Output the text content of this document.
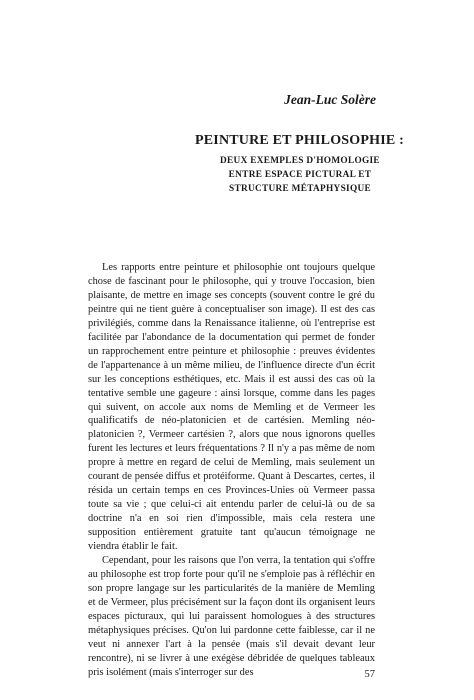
Jean-Luc Solère

PEINTURE ET PHILOSOPHIE :

DEUX EXEMPLES D'HOMOLOGIE
ENTRE ESPACE PICTURAL ET
STRUCTURE MÉTAPHYSIQUE

Les rapports entre peinture et philosophie ont toujours quelque chose de fascinant pour le philosophe, qui y trouve l'occasion, bien plaisante, de mettre en image ses concepts (souvent contre le gré du peintre qui ne tient guère à conceptualiser son image). Il est des cas privilégiés, comme dans la Renaissance italienne, où l'entreprise est facilitée par l'abondance de la documentation qui permet de fonder un rapprochement entre peinture et philosophie : preuves évidentes de l'appartenance à un même milieu, de l'influence directe d'un écrit sur les conceptions esthétiques, etc. Mais il est aussi des cas où la tentative semble une gageure : ainsi lorsque, comme dans les pages qui suivent, on accole aux noms de Memling et de Vermeer les qualificatifs de néo-platonicien et de cartésien. Memling néo-platonicien ?, Vermeer cartésien ?, alors que nous ignorons quelles furent les lectures et leurs fréquentations ? Il n'y a pas même de nom propre à mettre en regard de celui de Memling, mais seulement un courant de pensée diffus et protéiforme. Quant à Descartes, certes, il résida un certain temps en ces Provinces-Unies où Vermeer passa toute sa vie ; que celui-ci ait entendu parler de celui-là ou de sa doctrine n'a en soi rien d'impossible, mais cela restera une supposition entièrement gratuite tant qu'aucun témoignage ne viendra établir le fait.

Cependant, pour les raisons que l'on verra, la tentation qui s'offre au philosophe est trop forte pour qu'il ne s'emploie pas à réfléchir en son propre langage sur les particularités de la manière de Memling et de Vermeer, plus précisément sur la façon dont ils organisent leurs espaces picturaux, qui lui paraissent homologues à des structures métaphysiques précises. Qu'on lui pardonne cette faiblesse, car il ne veut ni annexer l'art à la pensée (mais s'il devait devant leur rencontre), ni se livrer à une exégèse débridée de quelques tableaux pris isolément (mais s'interroger sur des	57
